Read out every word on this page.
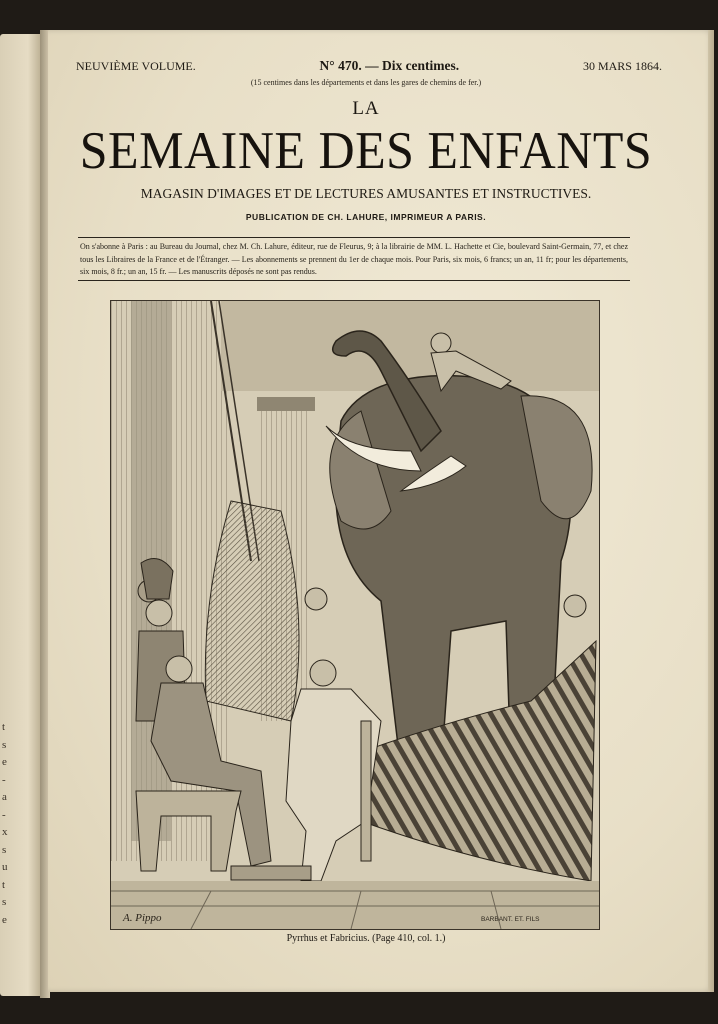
t
s
e
-
a
-
x
s
u
t
s
e
NEUVIÈME VOLUME.	N° 470. — Dix centimes.	30 MARS 1864.
(15 centimes dans les départements et dans les gares de chemins de fer.)
LA
SEMAINE DES ENFANTS
MAGASIN D'IMAGES ET DE LECTURES AMUSANTES ET INSTRUCTIVES.
PUBLICATION DE CH. LAHURE, IMPRIMEUR A PARIS.
On s'abonne à Paris : au Bureau du Journal, chez M. Ch. Lahure, éditeur, rue de Fleurus, 9; à la librairie de MM. L. Hachette et Cie, boulevard Saint-Germain, 77, et chez tous les Libraires de la France et de l'Étranger. — Les abonnements se prennent du 1er de chaque mois. Pour Paris, six mois, 6 francs; un an, 11 fr; pour les départements, six mois, 8 fr.; un an, 15 fr. — Les manuscrits déposés ne sont pas rendus.
A. Pippo	BARBANT. ET. FILS
Pyrrhus et Fabricius. (Page 410, col. 1.)
